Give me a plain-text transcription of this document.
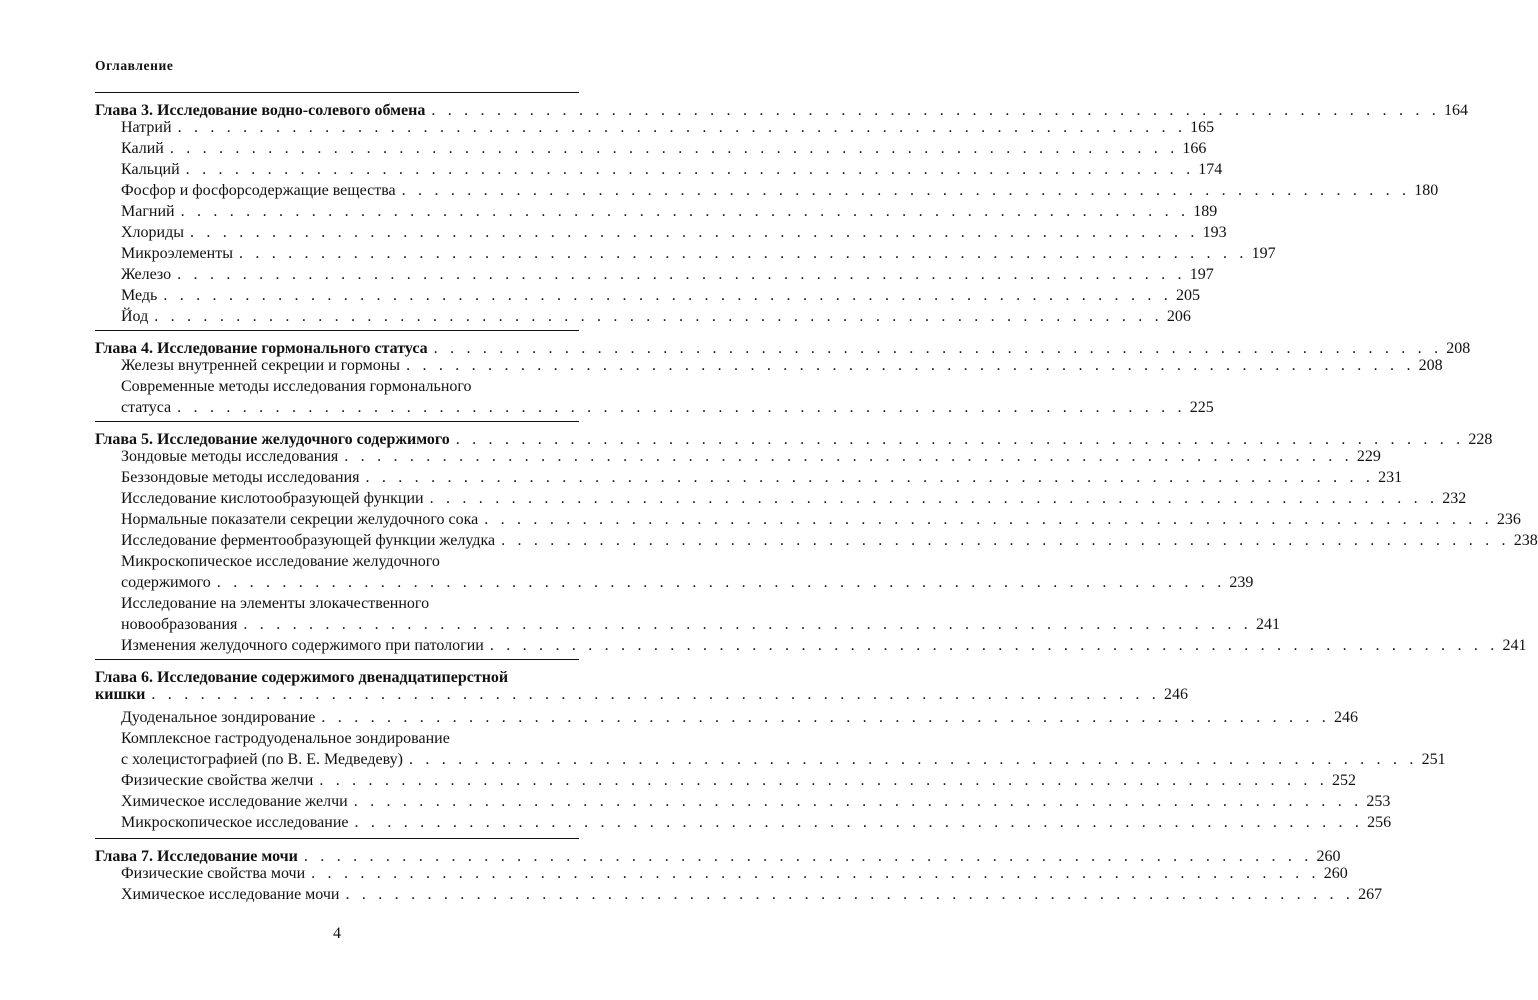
Оглавление
Глава 3. Исследование водно-солевого обмена . . . . . . . . . . . . . . . . . . . . . . . . . . . . . . . . . . . . . . . . . . . . . . . . . . . . . . . . . . . . . . 164
Натрий . . . . . . . . . . . . . . . . . . . . . . . . . . . . . . . . . . . . . . . . . . . . . . . . . . . . . . . . . . . . . . 165
Калий . . . . . . . . . . . . . . . . . . . . . . . . . . . . . . . . . . . . . . . . . . . . . . . . . . . . . . . . . . . . . . 166
Кальций . . . . . . . . . . . . . . . . . . . . . . . . . . . . . . . . . . . . . . . . . . . . . . . . . . . . . . . . . . . . . . 174
Фосфор и фосфорсодержащие вещества . . . . . . . . . . . . . . . . . . . . . . . . . . . . . . . . . . . . . . . . . . . . . . . . . . . . . . . . . . . . . . 180
Магний . . . . . . . . . . . . . . . . . . . . . . . . . . . . . . . . . . . . . . . . . . . . . . . . . . . . . . . . . . . . . . 189
Хлориды . . . . . . . . . . . . . . . . . . . . . . . . . . . . . . . . . . . . . . . . . . . . . . . . . . . . . . . . . . . . . . 193
Микроэлементы . . . . . . . . . . . . . . . . . . . . . . . . . . . . . . . . . . . . . . . . . . . . . . . . . . . . . . . . . . . . . . 197
Железо . . . . . . . . . . . . . . . . . . . . . . . . . . . . . . . . . . . . . . . . . . . . . . . . . . . . . . . . . . . . . . 197
Медь . . . . . . . . . . . . . . . . . . . . . . . . . . . . . . . . . . . . . . . . . . . . . . . . . . . . . . . . . . . . . . 205
Йод . . . . . . . . . . . . . . . . . . . . . . . . . . . . . . . . . . . . . . . . . . . . . . . . . . . . . . . . . . . . . . 206
Глава 4. Исследование гормонального статуса . . . . . . . . . . . . . . . . . . . . . . . . . . . . . . . . . . . . . . . . . . . . . . . . . . . . . . . . . . . . . . 208
Железы внутренней секреции и гормоны . . . . . . . . . . . . . . . . . . . . . . . . . . . . . . . . . . . . . . . . . . . . . . . . . . . . . . . . . . . . . . 208
Современные методы исследования гормонального
статуса . . . . . . . . . . . . . . . . . . . . . . . . . . . . . . . . . . . . . . . . . . . . . . . . . . . . . . . . . . . . . . 225
Глава 5. Исследование желудочного содержимого . . . . . . . . . . . . . . . . . . . . . . . . . . . . . . . . . . . . . . . . . . . . . . . . . . . . . . . . . . . . . . 228
Зондовые методы исследования . . . . . . . . . . . . . . . . . . . . . . . . . . . . . . . . . . . . . . . . . . . . . . . . . . . . . . . . . . . . . . 229
Беззондовые методы исследования . . . . . . . . . . . . . . . . . . . . . . . . . . . . . . . . . . . . . . . . . . . . . . . . . . . . . . . . . . . . . . 231
Исследование кислотообразующей функции . . . . . . . . . . . . . . . . . . . . . . . . . . . . . . . . . . . . . . . . . . . . . . . . . . . . . . . . . . . . . . 232
Нормальные показатели секреции желудочного сока . . . . . . . . . . . . . . . . . . . . . . . . . . . . . . . . . . . . . . . . . . . . . . . . . . . . . . . . . . . . . . 236
Исследование ферментообразующей функции желудка . . . . . . . . . . . . . . . . . . . . . . . . . . . . . . . . . . . . . . . . . . . . . . . . . . . . . . . . . . . . . . 238
Микроскопическое исследование желудочного
содержимого . . . . . . . . . . . . . . . . . . . . . . . . . . . . . . . . . . . . . . . . . . . . . . . . . . . . . . . . . . . . . . 239
Исследование на элементы злокачественного
новообразования . . . . . . . . . . . . . . . . . . . . . . . . . . . . . . . . . . . . . . . . . . . . . . . . . . . . . . . . . . . . . . 241
Изменения желудочного содержимого при патологии . . . . . . . . . . . . . . . . . . . . . . . . . . . . . . . . . . . . . . . . . . . . . . . . . . . . . . . . . . . . . . 241
Глава 6. Исследование содержимого двенадцатиперстной
кишки . . . . . . . . . . . . . . . . . . . . . . . . . . . . . . . . . . . . . . . . . . . . . . . . . . . . . . . . . . . . . . 246
Дуоденальное зондирование . . . . . . . . . . . . . . . . . . . . . . . . . . . . . . . . . . . . . . . . . . . . . . . . . . . . . . . . . . . . . . 246
Комплексное гастродуоденальное зондирование
с холецистографией (по В. Е. Медведеву) . . . . . . . . . . . . . . . . . . . . . . . . . . . . . . . . . . . . . . . . . . . . . . . . . . . . . . . . . . . . . . 251
Физические свойства желчи . . . . . . . . . . . . . . . . . . . . . . . . . . . . . . . . . . . . . . . . . . . . . . . . . . . . . . . . . . . . . . 252
Химическое исследование желчи . . . . . . . . . . . . . . . . . . . . . . . . . . . . . . . . . . . . . . . . . . . . . . . . . . . . . . . . . . . . . . 253
Микроскопическое исследование . . . . . . . . . . . . . . . . . . . . . . . . . . . . . . . . . . . . . . . . . . . . . . . . . . . . . . . . . . . . . . 256
Глава 7. Исследование мочи . . . . . . . . . . . . . . . . . . . . . . . . . . . . . . . . . . . . . . . . . . . . . . . . . . . . . . . . . . . . . . 260
Физические свойства мочи . . . . . . . . . . . . . . . . . . . . . . . . . . . . . . . . . . . . . . . . . . . . . . . . . . . . . . . . . . . . . . 260
Химическое исследование мочи . . . . . . . . . . . . . . . . . . . . . . . . . . . . . . . . . . . . . . . . . . . . . . . . . . . . . . . . . . . . . . 267
4
